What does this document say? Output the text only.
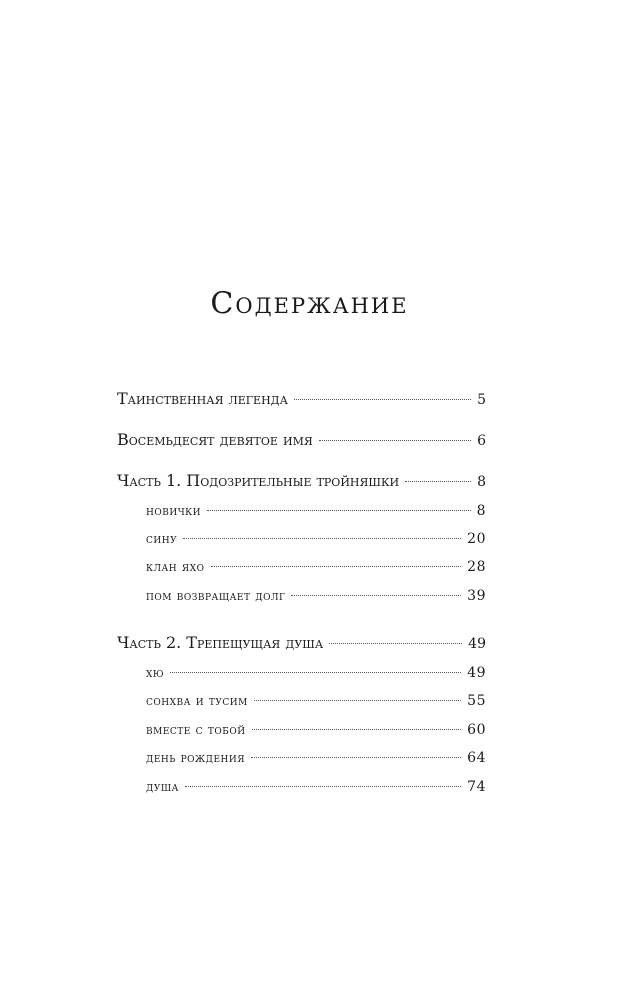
Содержание
Таинственная легенда	5
Восемьдесят девятое имя	6
Часть 1. Подозрительные тройняшки	8
новички	8
сину	20
клан яхо	28
пом возвращает долг	39
Часть 2. Трепещущая душа	49
хю	49
сонхва и тусим	55
вместе с тобой	60
день рождения	64
душа	74
